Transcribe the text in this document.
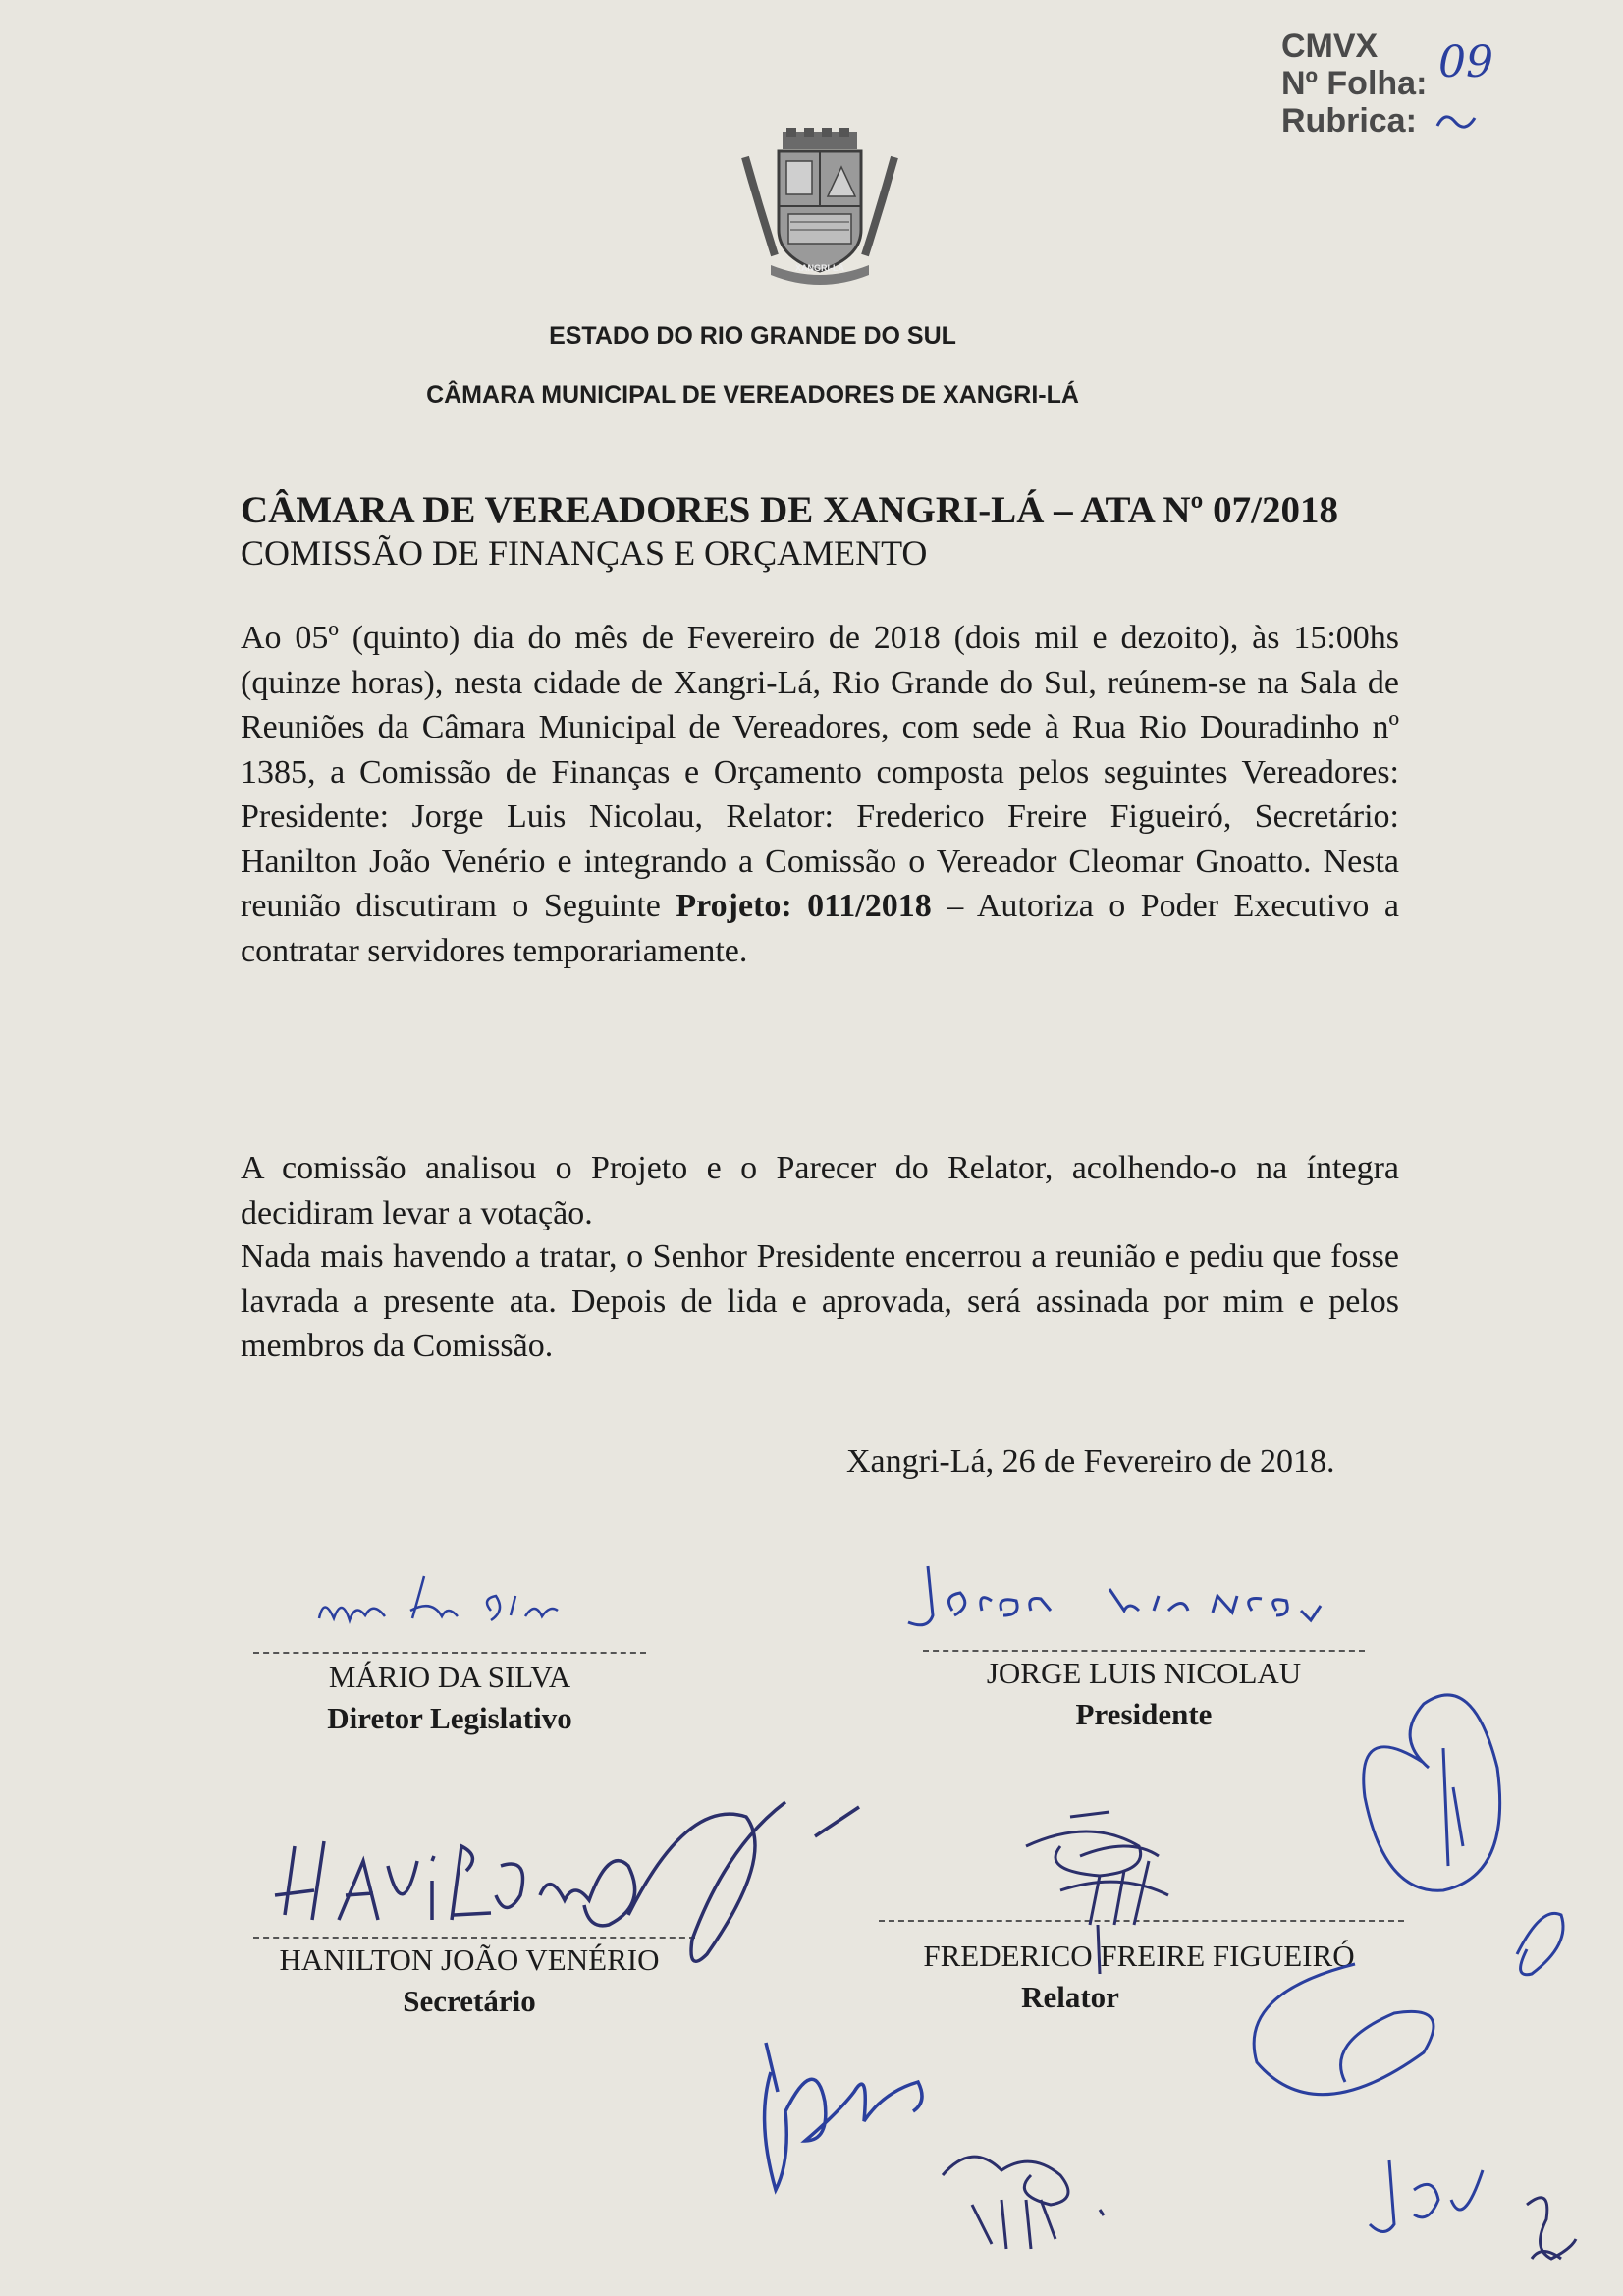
CMVX
Nº Folha:
Rubrica:
09
XANGRI-LÁ
ESTADO DO RIO GRANDE DO SUL
CÂMARA MUNICIPAL DE VEREADORES DE XANGRI-LÁ
CÂMARA DE VEREADORES DE XANGRI-LÁ – ATA Nº 07/2018
COMISSÃO DE FINANÇAS E ORÇAMENTO
Ao 05º (quinto) dia do mês de Fevereiro de 2018 (dois mil e dezoito), às 15:00hs (quinze horas), nesta cidade de Xangri-Lá, Rio Grande do Sul, reúnem-se na Sala de Reuniões da Câmara Municipal de Vereadores, com sede à Rua Rio Douradinho nº 1385, a Comissão de Finanças e Orçamento composta pelos seguintes Vereadores: Presidente: Jorge Luis Nicolau, Relator: Frederico Freire Figueiró, Secretário: Hanilton João Venério e integrando a Comissão o Vereador Cleomar Gnoatto. Nesta reunião discutiram o Seguinte Projeto: 011/2018 – Autoriza o Poder Executivo a contratar servidores temporariamente.
A comissão analisou o Projeto e o Parecer do Relator, acolhendo-o na íntegra decidiram levar a votação.
Nada mais havendo a tratar, o Senhor Presidente encerrou a reunião e pediu que fosse lavrada a presente ata. Depois de lida e aprovada, será assinada por mim e pelos membros da Comissão.
Xangri-Lá, 26 de Fevereiro de 2018.
MÁRIO DA SILVA
Diretor Legislativo
JORGE LUIS NICOLAU
Presidente
HANILTON JOÃO VENÉRIO
Secretário
FREDERICO FREIRE FIGUEIRÓ
Relator
